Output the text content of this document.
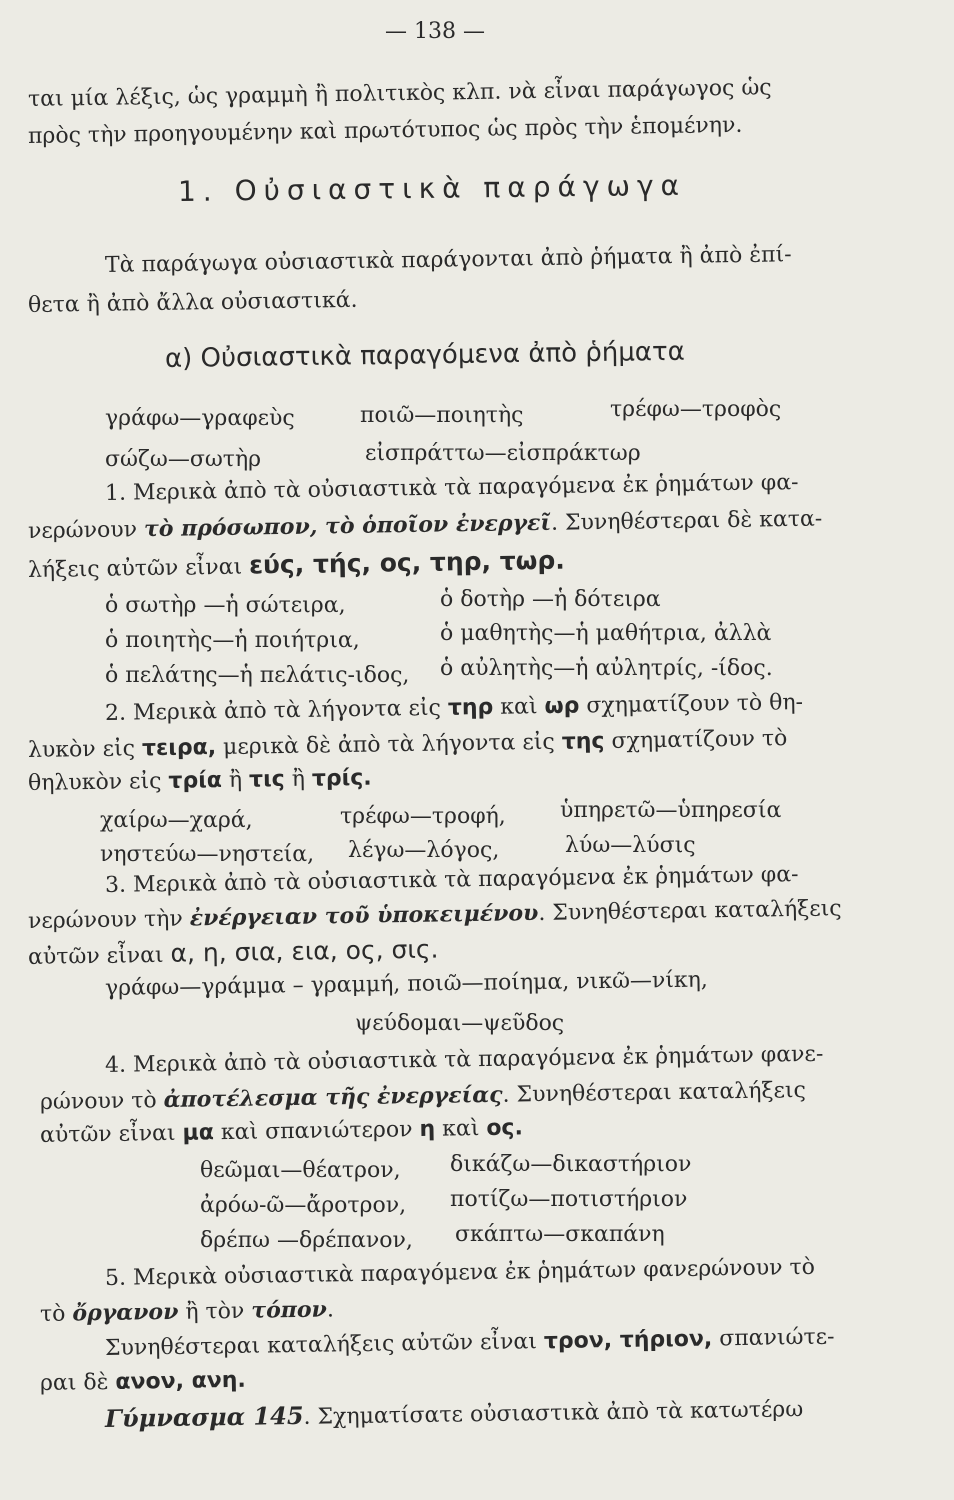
— 138 —
ται μία λέξις, ὡς γραμμὴ ἢ πολιτικὸς κλπ. νὰ εἶναι παράγωγος ὡς
πρὸς τὴν προηγουμένην καὶ πρωτότυπος ὡς πρὸς τὴν ἑπομένην.
1. Οὐσιαστικὰ παράγωγα
Τὰ παράγωγα οὐσιαστικὰ παράγονται ἀπὸ ῥήματα ἢ ἀπὸ ἐπί-
θετα ἢ ἀπὸ ἄλλα οὐσιαστικά.
α) Οὐσιαστικὰ παραγόμενα ἀπὸ ῥήματα
γράφω—γραφεὺς	ποιῶ—ποιητὴς	τρέφω—τροφὸς
σώζω—σωτὴρ	εἰσπράττω—εἰσπράκτωρ
1. Μερικὰ ἀπὸ τὰ οὐσιαστικὰ τὰ παραγόμενα ἐκ ῥημάτων φα-
νερώνουν τὸ πρόσωπον, τὸ ὁποῖον ἐνεργεῖ. Συνηθέστεραι δὲ κατα-
λήξεις αὐτῶν εἶναι εύς, τής, ος, τηρ, τωρ.
ὁ σωτὴρ —ἡ σώτειρα,	ὁ δοτὴρ —ἡ δότειρα
ὁ ποιητὴς—ἡ ποιήτρια,	ὁ μαθητὴς—ἡ μαθήτρια, ἀλλὰ
ὁ πελάτης—ἡ πελάτις-ιδος, ὁ αὐλητὴς—ἡ αὐλητρίς, -ίδος.
2. Μερικὰ ἀπὸ τὰ λήγοντα εἰς τηρ καὶ ωρ σχηματίζουν τὸ θη-
λυκὸν εἰς τειρα, μερικὰ δὲ ἀπὸ τὰ λήγοντα εἰς της σχηματίζουν τὸ
θηλυκὸν εἰς τρία ἢ τις ἢ τρίς.
χαίρω—χαρά,	τρέφω—τροφή, ὑπηρετῶ—ὑπηρεσία
νηστεύω—νηστεία, λέγω—λόγος,	λύω—λύσις
3. Μερικὰ ἀπὸ τὰ οὐσιαστικὰ τὰ παραγόμενα ἐκ ῥημάτων φα-
νερώνουν τὴν ἐνέργειαν τοῦ ὑποκειμένου. Συνηθέστεραι καταλήξεις
αὐτῶν εἶναι α, η, σια, εια, ος, σις.
γράφω—γράμμα – γραμμή, ποιῶ—ποίημα, νικῶ—νίκη,
ψεύδομαι—ψεῦδος
4. Μερικὰ ἀπὸ τὰ οὐσιαστικὰ τὰ παραγόμενα ἐκ ῥημάτων φανε-
ρώνουν τὸ ἀποτέλεσμα τῆς ἐνεργείας. Συνηθέστεραι καταλήξεις
αὐτῶν εἶναι μα καὶ σπανιώτερον η καὶ ος.
θεῶμαι—θέατρον, δικάζω—δικαστήριον
ἀρόω-ῶ—ἄροτρον, ποτίζω—ποτιστήριον
δρέπω —δρέπανον, σκάπτω—σκαπάνη
5. Μερικὰ οὐσιαστικὰ παραγόμενα ἐκ ῥημάτων φανερώνουν τὸ
τὸ ὄργανον ἢ τὸν τόπον.
Συνηθέστεραι καταλήξεις αὐτῶν εἶναι τρον, τήριον, σπανιώτε-
ραι δὲ ανον, ανη.
Γύμνασμα 145. Σχηματίσατε οὐσιαστικὰ ἀπὸ τὰ κατωτέρω
